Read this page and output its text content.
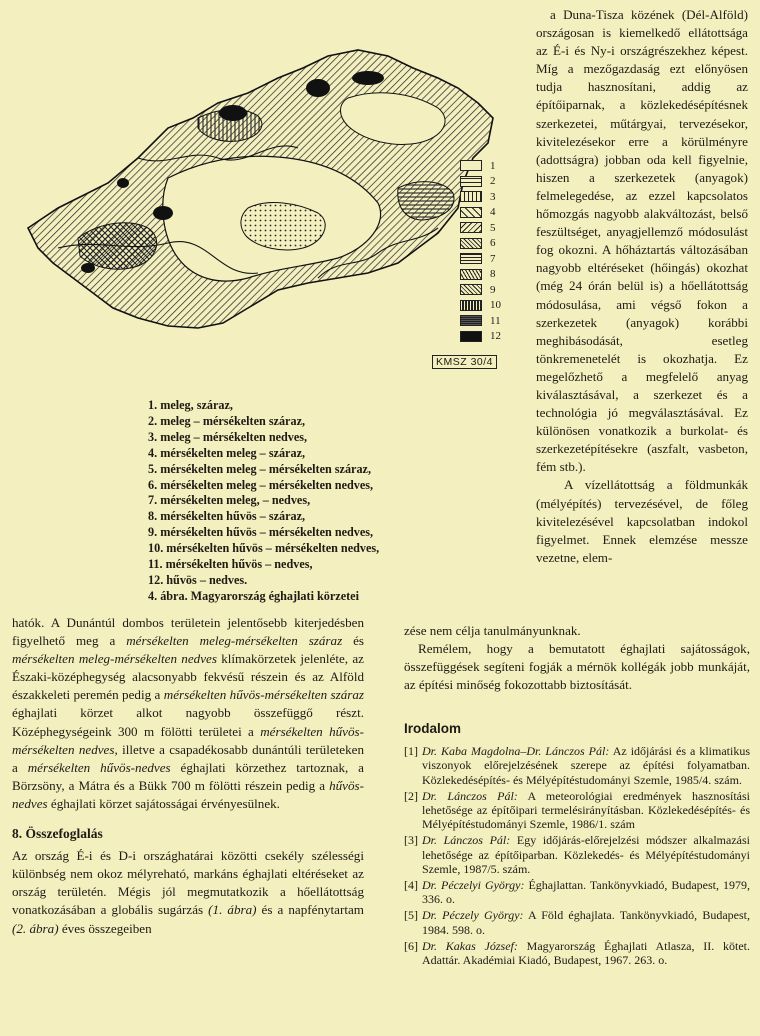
1
2
3
4
5
6
7
8
9
10
11
12
KMSZ 30/4
1. meleg, száraz,
2. meleg – mérsékelten száraz,
3. meleg – mérsékelten nedves,
4. mérsékelten meleg – száraz,
5. mérsékelten meleg – mérsékelten száraz,
6. mérsékelten meleg – mérsékelten nedves,
7. mérsékelten meleg, – nedves,
8. mérsékelten hűvös – száraz,
9. mérsékelten hűvös – mérsékelten nedves,
10. mérsékelten hűvös – mérsékelten nedves,
11. mérsékelten hűvös – nedves,
12. hűvös – nedves.
4. ábra. Magyarország éghajlati körzetei

a Duna-Tisza közének (Dél-Alföld) országosan is kiemelkedő ellátottsága az É-i és Ny-i országrészekhez képest. Míg a mezőgazdaság ezt előnyösen tudja hasznosítani, addig az építőiparnak, a közlekedésépítésnek szerkezetei, műtárgyai, tervezésekor, kivitelezésekor erre a körülményre (adottságra) jobban oda kell figyelnie, hiszen a szerkezetek (anyagok) felmelegedése, az ezzel kapcsolatos hőmozgás nagyobb alakváltozást, belső feszültséget, anyagjellemző módosulást fog okozni. A hőháztartás változásában nagyobb eltéréseket (hőingás) okozhat (még 24 órán belül is) a hőellátottság módosulása, ami végső fokon a szerkezetek (anyagok) korábbi meghibásodását, esetleg tönkremenetelét is okozhatja. Ez megelőzhető a megfelelő anyag kiválasztásával, a szerkezet és a technológia jó megválasztásával. Ez különösen vonatkozik a burkolat- és szerkezetépítésekre (aszfalt, vasbeton, fém stb.).

A vízellátottság a földmunkák (mélyépítés) tervezésével, de főleg kivitelezésével kapcsolatban indokol figyelmet. Ennek elemzése messze vezetne, elem-

hatók. A Dunántúl dombos területein jelentősebb kiterjedésben figyelhető meg a mérsékelten meleg-mérsékelten száraz és mérsékelten meleg-mérsékelten nedves klímakörzetek jelenléte, az Északi-középhegység alacsonyabb fekvésű részein és az Alföld északkeleti peremén pedig a mérsékelten hűvös-mérsékelten száraz éghajlati körzet alkot nagyobb összefüggő részt. Középhegységeink 300 m fölötti területei a mérsékelten hűvös-mérsékelten nedves, illetve a csapadékosabb dunántúli területeken a mérsékelten hűvös-nedves éghajlati körzethez tartoznak, a Börzsöny, a Mátra és a Bükk 700 m fölötti részein pedig a hűvös-nedves éghajlati körzet sajátosságai érvényesülnek.

8. Összefoglalás

Az ország É-i és D-i országhatárai közötti csekély szélességi különbség nem okoz mélyreható, markáns éghajlati eltéréseket az ország területén. Mégis jól megmutatkozik a hőellátottság vonatkozásában a globális sugárzás (1. ábra) és a napfénytartam (2. ábra) éves összegeiben

zése nem célja tanulmányunknak.

Remélem, hogy a bemutatott éghajlati sajátosságok, összefüggések segíteni fogják a mérnök kollégák jobb munkáját, az építési minőség fokozottabb biztosítását.

Irodalom
[1] Dr. Kaba Magdolna–Dr. Lánczos Pál: Az időjárási és a klimatikus viszonyok előrejelzésének szerepe az építési folyamatban. Közlekedésépítés- és Mélyépítéstudományi Szemle, 1985/4. szám.
[2] Dr. Lánczos Pál: A meteorológiai eredmények hasznosítási lehetősége az építőipari termelésirányításban. Közlekedésépítés- és Mélyépítéstudományi Szemle, 1986/1. szám
[3] Dr. Lánczos Pál: Egy időjárás-előrejelzési módszer alkalmazási lehetősége az építőiparban. Közlekedés- és Mélyépítéstudományi Szemle, 1987/5. szám.
[4] Dr. Péczelyi György: Éghajlattan. Tankönyvkiadó, Budapest, 1979, 336. o.
[5] Dr. Péczely György: A Föld éghajlata. Tankönyvkiadó, Budapest, 1984. 598. o.
[6] Dr. Kakas József: Magyarország Éghajlati Atlasza, II. kötet. Adattár. Akadémiai Kiadó, Budapest, 1967. 263. o.
